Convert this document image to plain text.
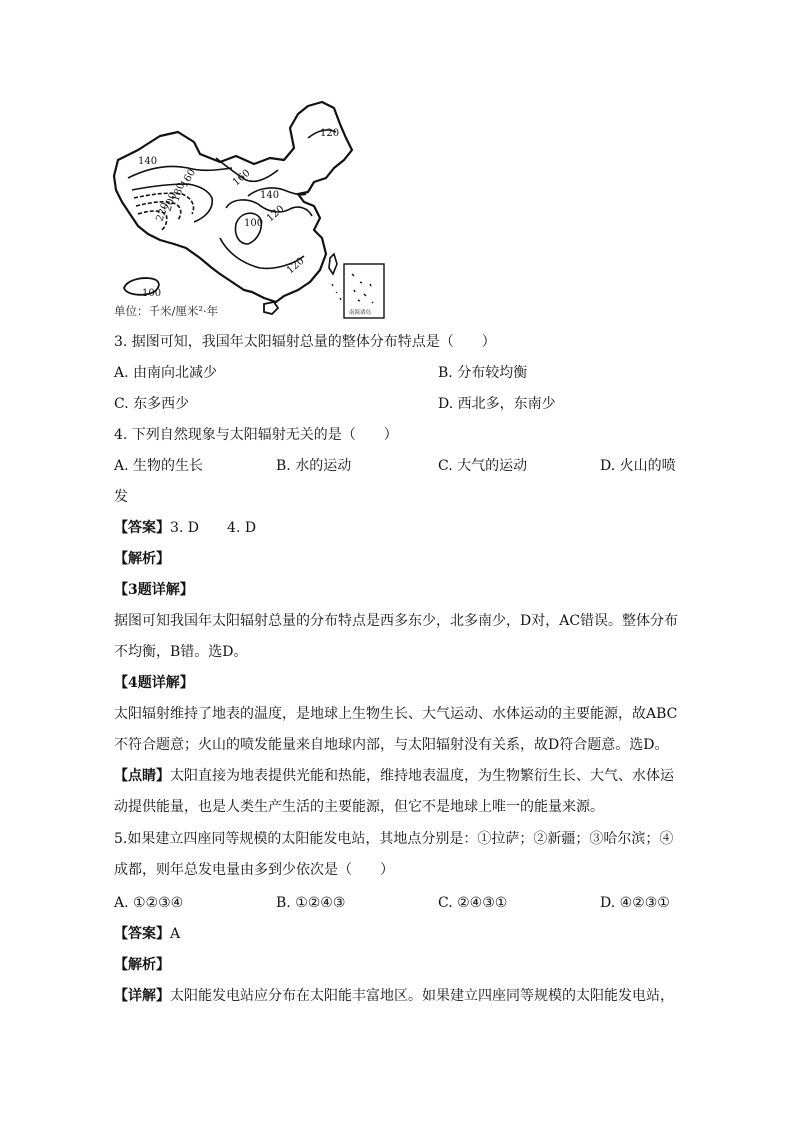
140
160
180
200
220
160
140
120
100
120
120
100
南海诸岛
单位：千米/厘米²·年
3. 据图可知，我国年太阳辐射总量的整体分布特点是（　　）
A. 由南向北减少	B. 分布较均衡
C. 东多西少	D. 西北多，东南少
4. 下列自然现象与太阳辐射无关的是（　　）
A. 生物的生长	B. 水的运动	C. 大气的运动	D. 火山的喷
发
【答案】3. D　　4. D
【解析】
【3题详解】
据图可知我国年太阳辐射总量的分布特点是西多东少，北多南少，D对，AC错误。整体分布
不均衡，B错。选D。
【4题详解】
太阳辐射维持了地表的温度，是地球上生物生长、大气运动、水体运动的主要能源，故ABC
不符合题意；火山的喷发能量来自地球内部，与太阳辐射没有关系，故D符合题意。选D。
【点睛】太阳直接为地表提供光能和热能，维持地表温度，为生物繁衍生长、大气、水体运
动提供能量，也是人类生产生活的主要能源，但它不是地球上唯一的能量来源。
5.如果建立四座同等规模的太阳能发电站，其地点分别是：①拉萨；②新疆；③哈尔滨；④
成都，则年总发电量由多到少依次是（　　）
A. ①②③④	B. ①②④③	C. ②④③①	D. ④②③①
【答案】A
【解析】
【详解】太阳能发电站应分布在太阳能丰富地区。如果建立四座同等规模的太阳能发电站，
